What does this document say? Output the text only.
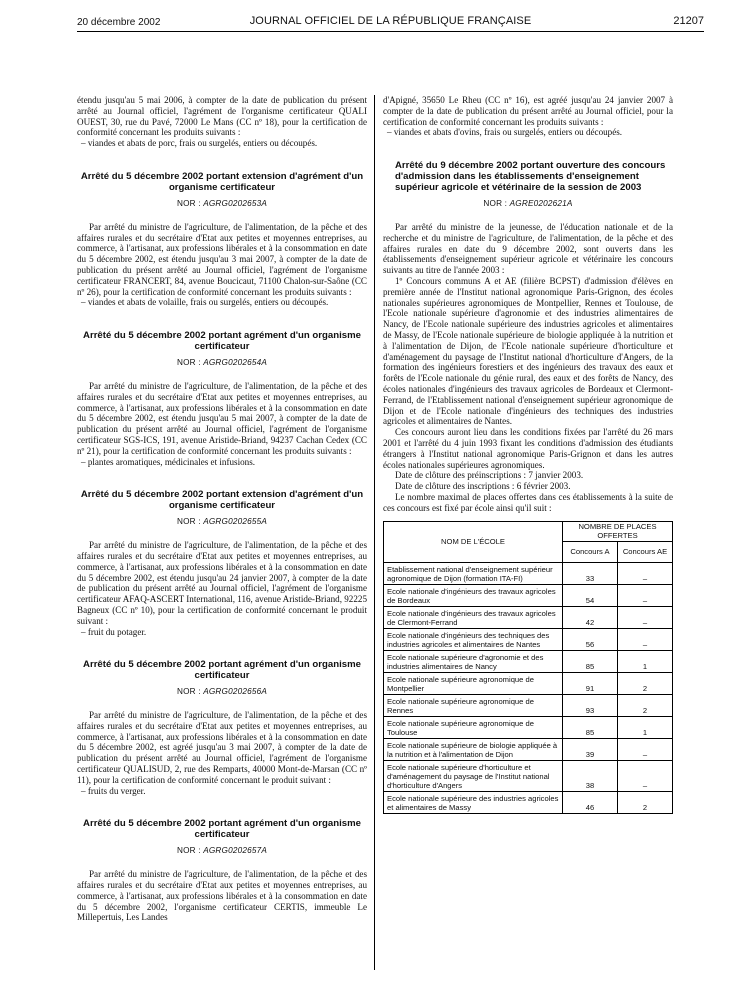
20 décembre 2002	JOURNAL OFFICIEL DE LA RÉPUBLIQUE FRANÇAISE	21207

étendu jusqu'au 5 mai 2006, à compter de la date de publication du présent arrêté au Journal officiel, l'agrément de l'organisme certificateur QUALI OUEST, 30, rue du Pavé, 72000 Le Mans (CC nº 18), pour la certification de conformité concernant les produits suivants :

– viandes et abats de porc, frais ou surgelés, entiers ou découpés.

Arrêté du 5 décembre 2002 portant extension d'agrément d'un organisme certificateur

NOR : AGRG0202653A

Par arrêté du ministre de l'agriculture, de l'alimentation, de la pêche et des affaires rurales et du secrétaire d'Etat aux petites et moyennes entreprises, au commerce, à l'artisanat, aux professions libérales et à la consommation en date du 5 décembre 2002, est étendu jusqu'au 3 mai 2007, à compter de la date de publication du présent arrêté au Journal officiel, l'agrément de l'organisme certificateur FRANCERT, 84, avenue Boucicaut, 71100 Chalon-sur-Saône (CC nº 26), pour la certification de conformité concernant les produits suivants :

– viandes et abats de volaille, frais ou surgelés, entiers ou découpés.

Arrêté du 5 décembre 2002 portant agrément d'un organisme certificateur

NOR : AGRG0202654A

Par arrêté du ministre de l'agriculture, de l'alimentation, de la pêche et des affaires rurales et du secrétaire d'Etat aux petites et moyennes entreprises, au commerce, à l'artisanat, aux professions libérales et à la consommation en date du 5 décembre 2002, est étendu jusqu'au 5 mai 2007, à compter de la date de publication du présent arrêté au Journal officiel, l'agrément de l'organisme certificateur SGS-ICS, 191, avenue Aristide-Briand, 94237 Cachan Cedex (CC nº 21), pour la certification de conformité concernant les produits suivants :

– plantes aromatiques, médicinales et infusions.

Arrêté du 5 décembre 2002 portant extension d'agrément d'un organisme certificateur

NOR : AGRG0202655A

Par arrêté du ministre de l'agriculture, de l'alimentation, de la pêche et des affaires rurales et du secrétaire d'Etat aux petites et moyennes entreprises, au commerce, à l'artisanat, aux professions libérales et à la consommation en date du 5 décembre 2002, est étendu jusqu'au 24 janvier 2007, à compter de la date de publication du présent arrêté au Journal officiel, l'agrément de l'organisme certificateur AFAQ-ASCERT International, 116, avenue Aristide-Briand, 92225 Bagneux (CC nº 10), pour la certification de conformité concernant le produit suivant :

– fruit du potager.

Arrêté du 5 décembre 2002 portant agrément d'un organisme certificateur

NOR : AGRG0202656A

Par arrêté du ministre de l'agriculture, de l'alimentation, de la pêche et des affaires rurales et du secrétaire d'Etat aux petites et moyennes entreprises, au commerce, à l'artisanat, aux professions libérales et à la consommation en date du 5 décembre 2002, est agréé jusqu'au 3 mai 2007, à compter de la date de publication du présent arrêté au Journal officiel, l'agrément de l'organisme certificateur QUALISUD, 2, rue des Remparts, 40000 Mont-de-Marsan (CC nº 11), pour la certification de conformité concernant le produit suivant :

– fruits du verger.

Arrêté du 5 décembre 2002 portant agrément d'un organisme certificateur

NOR : AGRG0202657A

Par arrêté du ministre de l'agriculture, de l'alimentation, de la pêche et des affaires rurales et du secrétaire d'Etat aux petites et moyennes entreprises, au commerce, à l'artisanat, aux professions libérales et à la consommation en date du 5 décembre 2002, l'organisme certificateur CERTIS, immeuble Le Millepertuis, Les Landes

d'Apigné, 35650 Le Rheu (CC nº 16), est agréé jusqu'au 24 janvier 2007 à compter de la date de publication du présent arrêté au Journal officiel, pour la certification de conformité concernant les produits suivants :

– viandes et abats d'ovins, frais ou surgelés, entiers ou découpés.

Arrêté du 9 décembre 2002 portant ouverture des concours d'admission dans les établissements d'enseignement supérieur agricole et vétérinaire de la session de 2003

NOR : AGRE0202621A

Par arrêté du ministre de la jeunesse, de l'éducation nationale et de la recherche et du ministre de l'agriculture, de l'alimentation, de la pêche et des affaires rurales en date du 9 décembre 2002, sont ouverts dans les établissements d'enseignement supérieur agricole et vétérinaire les concours suivants au titre de l'année 2003 :

1º Concours communs A et AE (filière BCPST) d'admission d'élèves en première année de l'Institut national agronomique Paris-Grignon, des écoles nationales supérieures agronomiques de Montpellier, Rennes et Toulouse, de l'Ecole nationale supérieure d'agronomie et des industries alimentaires de Nancy, de l'Ecole nationale supérieure des industries agricoles et alimentaires de Massy, de l'Ecole nationale supérieure de biologie appliquée à la nutrition et à l'alimentation de Dijon, de l'Ecole nationale supérieure d'horticulture et d'aménagement du paysage de l'Institut national d'horticulture d'Angers, de la formation des ingénieurs forestiers et des ingénieurs des travaux des eaux et forêts de l'Ecole nationale du génie rural, des eaux et des forêts de Nancy, des écoles nationales d'ingénieurs des travaux agricoles de Bordeaux et Clermont-Ferrand, de l'Etablissement national d'enseignement supérieur agronomique de Dijon et de l'Ecole nationale d'ingénieurs des techniques des industries agricoles et alimentaires de Nantes.

Ces concours auront lieu dans les conditions fixées par l'arrêté du 26 mars 2001 et l'arrêté du 4 juin 1993 fixant les conditions d'admission des étudiants étrangers à l'Institut national agronomique Paris-Grignon et dans les autres écoles nationales supérieures agronomiques.

Date de clôture des préinscriptions : 7 janvier 2003.

Date de clôture des inscriptions : 6 février 2003.

Le nombre maximal de places offertes dans ces établissements à la suite de ces concours est fixé par école ainsi qu'il suit :

NOM DE L'ÉCOLE	NOMBRE DE PLACES OFFERTES	
	Concours A	Concours AE
Etablissement national d'enseignement supérieur agronomique de Dijon (formation ITA-FI)	33	–
Ecole nationale d'ingénieurs des travaux agricoles de Bordeaux	54	–
Ecole nationale d'ingénieurs des travaux agricoles de Clermont-Ferrand	42	–
Ecole nationale d'ingénieurs des techniques des industries agricoles et alimentaires de Nantes	56	–
Ecole nationale supérieure d'agronomie et des industries alimentaires de Nancy	85	1
Ecole nationale supérieure agronomique de Montpellier	91	2
Ecole nationale supérieure agronomique de Rennes	93	2
Ecole nationale supérieure agronomique de Toulouse	85	1
Ecole nationale supérieure de biologie appliquée à la nutrition et à l'alimentation de Dijon	39	–
Ecole nationale supérieure d'horticulture et d'aménagement du paysage de l'Institut national d'horticulture d'Angers	38	–
Ecole nationale supérieure des industries agricoles et alimentaires de Massy	46	2
